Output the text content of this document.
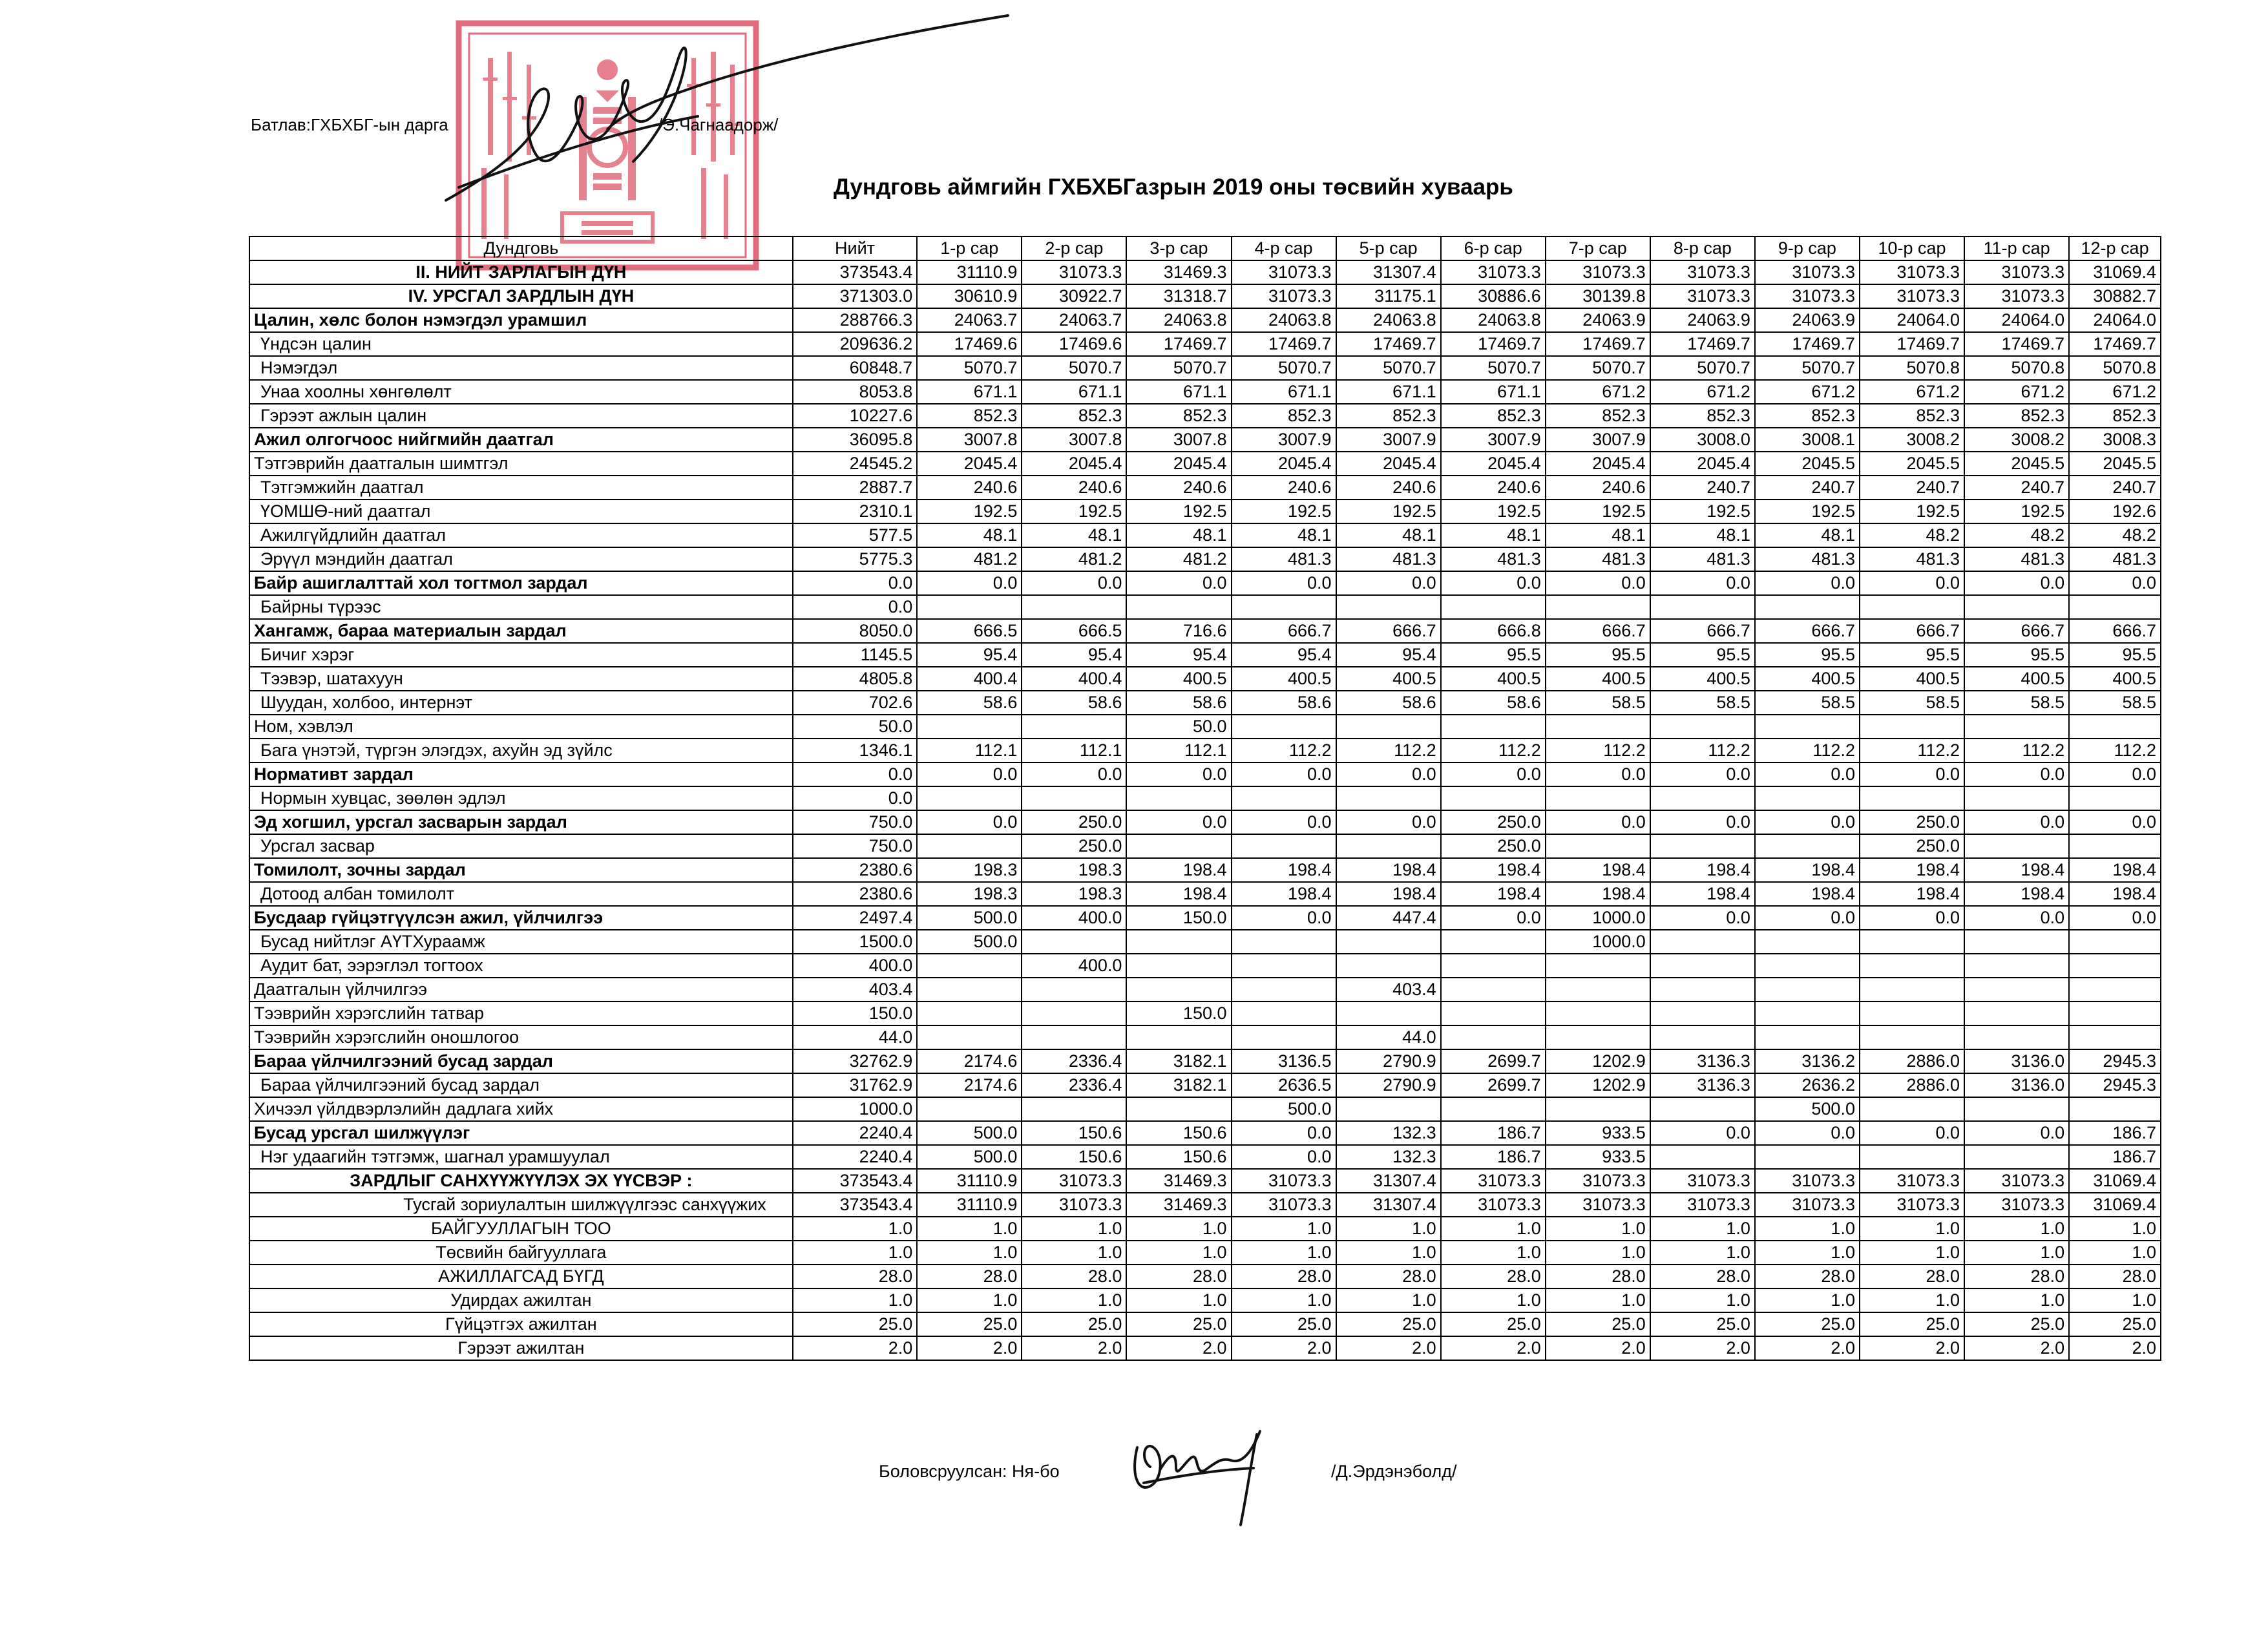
Батлав:ГХБХБГ-ын дарга	/Э.Чагнаадорж/
Дундговь аймгийн ГХБХБГазрын 2019 оны төсвийн хуваарь
Дундговь	Нийт	1-р сар	2-р сар	3-р сар	4-р сар	5-р сар	6-р сар	7-р сар	8-р сар	9-р сар	10-р сар	11-р сар	12-р сар
II. НИЙТ ЗАРЛАГЫН ДҮН	373543.4	31110.9	31073.3	31469.3	31073.3	31307.4	31073.3	31073.3	31073.3	31073.3	31073.3	31073.3	31069.4
IV. УРСГАЛ ЗАРДЛЫН ДҮН	371303.0	30610.9	30922.7	31318.7	31073.3	31175.1	30886.6	30139.8	31073.3	31073.3	31073.3	31073.3	30882.7
Цалин, хөлс болон нэмэгдэл урамшил	288766.3	24063.7	24063.7	24063.8	24063.8	24063.8	24063.8	24063.9	24063.9	24063.9	24064.0	24064.0	24064.0
Үндсэн цалин	209636.2	17469.6	17469.6	17469.7	17469.7	17469.7	17469.7	17469.7	17469.7	17469.7	17469.7	17469.7	17469.7
Нэмэгдэл	60848.7	5070.7	5070.7	5070.7	5070.7	5070.7	5070.7	5070.7	5070.7	5070.7	5070.8	5070.8	5070.8
Унаа хоолны хөнгөлөлт	8053.8	671.1	671.1	671.1	671.1	671.1	671.1	671.2	671.2	671.2	671.2	671.2	671.2
Гэрээт ажлын цалин	10227.6	852.3	852.3	852.3	852.3	852.3	852.3	852.3	852.3	852.3	852.3	852.3	852.3
Ажил олгогчоос нийгмийн даатгал	36095.8	3007.8	3007.8	3007.8	3007.9	3007.9	3007.9	3007.9	3008.0	3008.1	3008.2	3008.2	3008.3
Тэтгэврийн даатгалын шимтгэл	24545.2	2045.4	2045.4	2045.4	2045.4	2045.4	2045.4	2045.4	2045.4	2045.5	2045.5	2045.5	2045.5
Тэтгэмжийн даатгал	2887.7	240.6	240.6	240.6	240.6	240.6	240.6	240.6	240.7	240.7	240.7	240.7	240.7
ҮОМШӨ-ний даатгал	2310.1	192.5	192.5	192.5	192.5	192.5	192.5	192.5	192.5	192.5	192.5	192.5	192.6
Ажилгүйдлийн даатгал	577.5	48.1	48.1	48.1	48.1	48.1	48.1	48.1	48.1	48.1	48.2	48.2	48.2
Эрүүл мэндийн даатгал	5775.3	481.2	481.2	481.2	481.3	481.3	481.3	481.3	481.3	481.3	481.3	481.3	481.3
Байр ашиглалттай хол тогтмол зардал	0.0	0.0	0.0	0.0	0.0	0.0	0.0	0.0	0.0	0.0	0.0	0.0	0.0
Байрны түрээс	0.0												
Хангамж, бараа материалын зардал	8050.0	666.5	666.5	716.6	666.7	666.7	666.8	666.7	666.7	666.7	666.7	666.7	666.7
Бичиг хэрэг	1145.5	95.4	95.4	95.4	95.4	95.4	95.5	95.5	95.5	95.5	95.5	95.5	95.5
Тээвэр, шатахуун	4805.8	400.4	400.4	400.5	400.5	400.5	400.5	400.5	400.5	400.5	400.5	400.5	400.5
Шуудан, холбоо, интернэт	702.6	58.6	58.6	58.6	58.6	58.6	58.6	58.5	58.5	58.5	58.5	58.5	58.5
Ном, хэвлэл	50.0			50.0									
Бага үнэтэй, түргэн элэгдэх, ахуйн эд зүйлс	1346.1	112.1	112.1	112.1	112.2	112.2	112.2	112.2	112.2	112.2	112.2	112.2	112.2
Нормативт зардал	0.0	0.0	0.0	0.0	0.0	0.0	0.0	0.0	0.0	0.0	0.0	0.0	0.0
Нормын хувцас, зөөлөн эдлэл	0.0												
Эд хогшил, урсгал засварын зардал	750.0	0.0	250.0	0.0	0.0	0.0	250.0	0.0	0.0	0.0	250.0	0.0	0.0
Урсгал засвар	750.0		250.0				250.0				250.0		
Томилолт, зочны зардал	2380.6	198.3	198.3	198.4	198.4	198.4	198.4	198.4	198.4	198.4	198.4	198.4	198.4
Дотоод албан томилолт	2380.6	198.3	198.3	198.4	198.4	198.4	198.4	198.4	198.4	198.4	198.4	198.4	198.4
Бусдаар гүйцэтгүүлсэн ажил, үйлчилгээ	2497.4	500.0	400.0	150.0	0.0	447.4	0.0	1000.0	0.0	0.0	0.0	0.0	0.0
Бусад нийтлэг АҮТХураамж	1500.0	500.0						1000.0					
Аудит бат, ээрэглэл тогтоох	400.0		400.0										
Даатгалын үйлчилгээ	403.4					403.4							
Тээврийн хэрэгслийн татвар	150.0			150.0									
Тээврийн хэрэгслийн оношлогоо	44.0					44.0							
Бараа үйлчилгээний бусад зардал	32762.9	2174.6	2336.4	3182.1	3136.5	2790.9	2699.7	1202.9	3136.3	3136.2	2886.0	3136.0	2945.3
Бараа үйлчилгээний бусад зардал	31762.9	2174.6	2336.4	3182.1	2636.5	2790.9	2699.7	1202.9	3136.3	2636.2	2886.0	3136.0	2945.3
Хичээл үйлдвэрлэлийн дадлага хийх	1000.0				500.0					500.0			
Бусад урсгал шилжүүлэг	2240.4	500.0	150.6	150.6	0.0	132.3	186.7	933.5	0.0	0.0	0.0	0.0	186.7
Нэг удаагийн тэтгэмж, шагнал урамшуулал	2240.4	500.0	150.6	150.6	0.0	132.3	186.7	933.5					186.7
ЗАРДЛЫГ САНХҮҮЖҮҮЛЭХ ЭХ ҮҮСВЭР :	373543.4	31110.9	31073.3	31469.3	31073.3	31307.4	31073.3	31073.3	31073.3	31073.3	31073.3	31073.3	31069.4
Тусгай зориулалтын шилжүүлгээс санхүүжих	373543.4	31110.9	31073.3	31469.3	31073.3	31307.4	31073.3	31073.3	31073.3	31073.3	31073.3	31073.3	31069.4
БАЙГУУЛЛАГЫН ТОО	1.0	1.0	1.0	1.0	1.0	1.0	1.0	1.0	1.0	1.0	1.0	1.0	1.0
Төсвийн байгууллага	1.0	1.0	1.0	1.0	1.0	1.0	1.0	1.0	1.0	1.0	1.0	1.0	1.0
АЖИЛЛАГСАД БҮГД	28.0	28.0	28.0	28.0	28.0	28.0	28.0	28.0	28.0	28.0	28.0	28.0	28.0
Удирдах ажилтан	1.0	1.0	1.0	1.0	1.0	1.0	1.0	1.0	1.0	1.0	1.0	1.0	1.0
Гүйцэтгэх ажилтан	25.0	25.0	25.0	25.0	25.0	25.0	25.0	25.0	25.0	25.0	25.0	25.0	25.0
Гэрээт ажилтан	2.0	2.0	2.0	2.0	2.0	2.0	2.0	2.0	2.0	2.0	2.0	2.0	2.0
Боловсруулсан: Ня-бо	/Д.Эрдэнэболд/
